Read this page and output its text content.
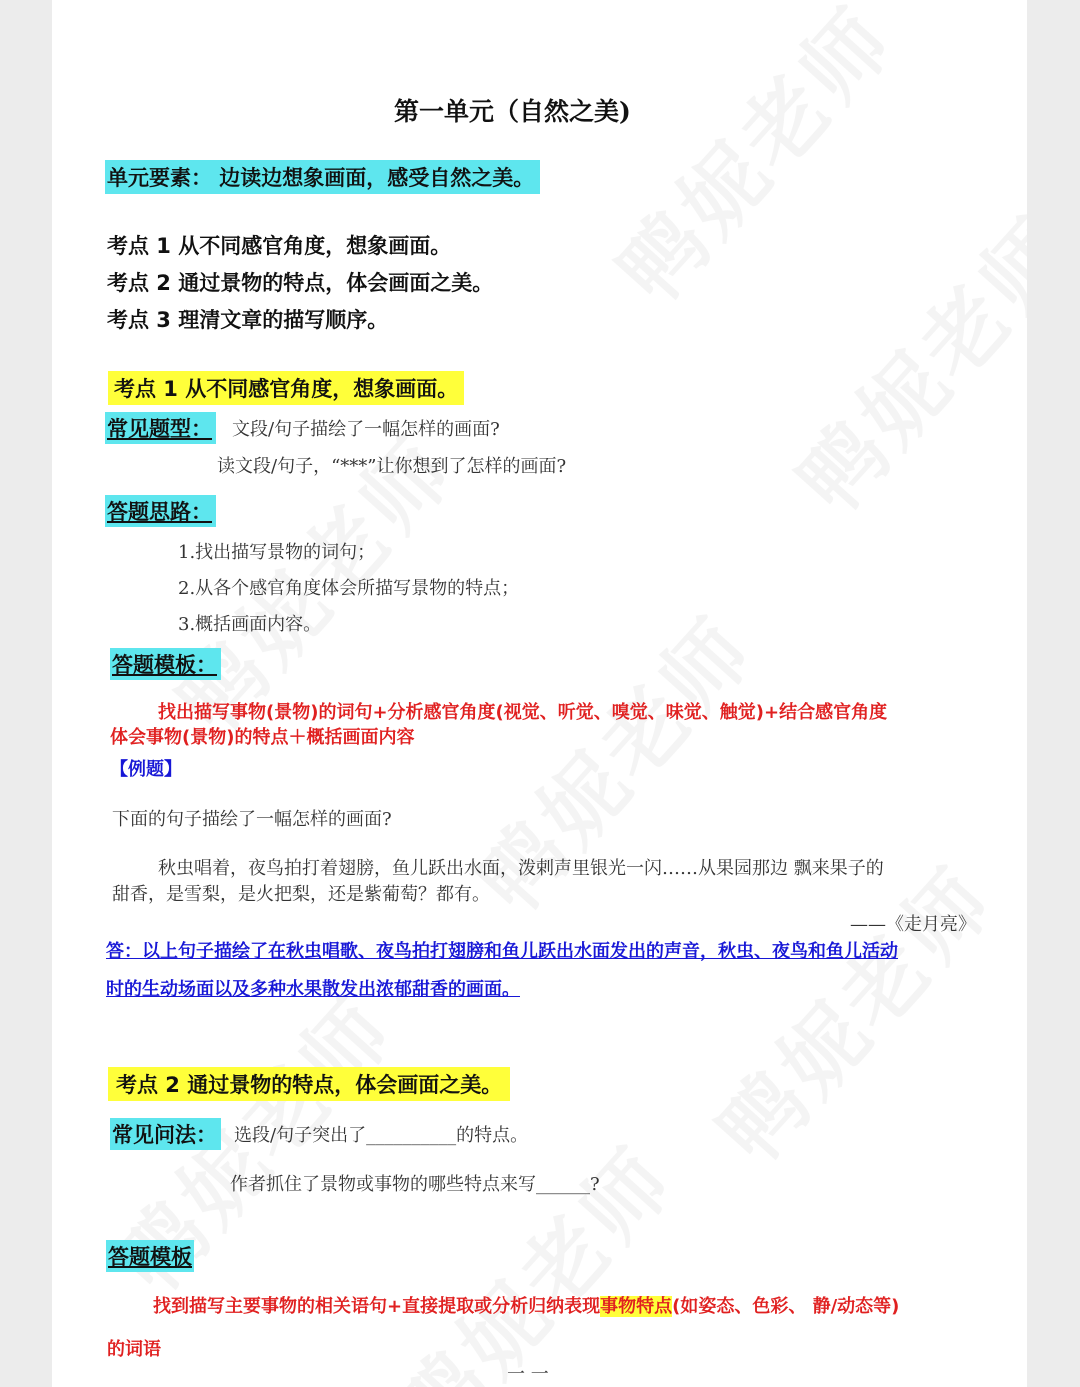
第一单元（自然之美)
单元要素： 边读边想象画面，感受自然之美。
考点 1 从不同感官角度，想象画面。
考点 2 通过景物的特点，体会画面之美。
考点 3 理清文章的描写顺序。
考点 1 从不同感官角度，想象画面。
常见题型： 文段/句子描绘了一幅怎样的画面?
读文段/句子，“***”让你想到了怎样的画面?
答题思路：
1.找出描写景物的词句；
2.从各个感官角度体会所描写景物的特点；
3.概括画面内容。
答题模板：
找出描写事物(景物)的词句+分析感官角度(视觉、听觉、嗅觉、味觉、触觉)+结合感官角度
体会事物(景物)的特点＋概括画面内容
【例题】
下面的句子描绘了一幅怎样的画面?
秋虫唱着，夜鸟拍打着翅膀，鱼儿跃出水面，泼剌声里银光一闪……从果园那边 飘来果子的
甜香，是雪梨，是火把梨，还是紫葡萄？都有。
——《走月亮》
答：以上句子描绘了在秋虫唱歌、夜鸟拍打翅膀和鱼儿跃出水面发出的声音，秋虫、夜鸟和鱼儿活动
时的生动场面以及多种水果散发出浓郁甜香的画面。
考点 2 通过景物的特点，体会画面之美。
常见问法： 选段/句子突出了__________的特点。
作者抓住了景物或事物的哪些特点来写______?
答题模板
找到描写主要事物的相关语句+直接提取或分析归纳表现事物特点(如姿态、色彩、 静/动态等)
的词语
一 一
